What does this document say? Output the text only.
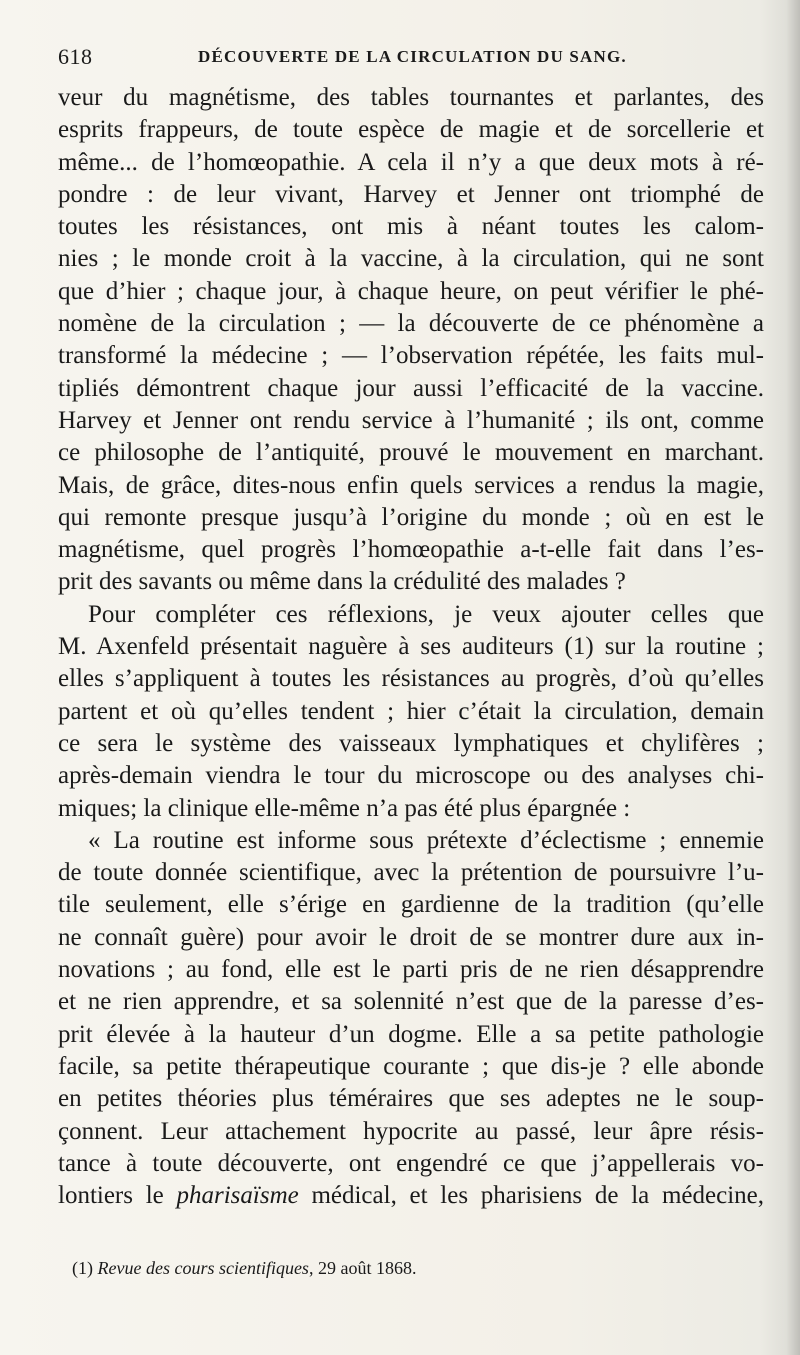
618	DÉCOUVERTE DE LA CIRCULATION DU SANG.
veur du magnétisme, des tables tournantes et parlantes, des
esprits frappeurs, de toute espèce de magie et de sorcellerie et
même... de l’homœopathie. A cela il n’y a que deux mots à ré-
pondre : de leur vivant, Harvey et Jenner ont triomphé de
toutes les résistances, ont mis à néant toutes les calom-
nies ; le monde croit à la vaccine, à la circulation, qui ne sont
que d’hier ; chaque jour, à chaque heure, on peut vérifier le phé-
nomène de la circulation ; — la découverte de ce phénomène a
transformé la médecine ; — l’observation répétée, les faits mul-
tipliés démontrent chaque jour aussi l’efficacité de la vaccine.
Harvey et Jenner ont rendu service à l’humanité ; ils ont, comme
ce philosophe de l’antiquité, prouvé le mouvement en marchant.
Mais, de grâce, dites-nous enfin quels services a rendus la magie,
qui remonte presque jusqu’à l’origine du monde ; où en est le
magnétisme, quel progrès l’homœopathie a-t-elle fait dans l’es-
prit des savants ou même dans la crédulité des malades ?
Pour compléter ces réflexions, je veux ajouter celles que
M. Axenfeld présentait naguère à ses auditeurs (1) sur la routine ;
elles s’appliquent à toutes les résistances au progrès, d’où qu’elles
partent et où qu’elles tendent ; hier c’était la circulation, demain
ce sera le système des vaisseaux lymphatiques et chylifères ;
après-demain viendra le tour du microscope ou des analyses chi-
miques; la clinique elle-même n’a pas été plus épargnée :
« La routine est informe sous prétexte d’éclectisme ; ennemie
de toute donnée scientifique, avec la prétention de poursuivre l’u-
tile seulement, elle s’érige en gardienne de la tradition (qu’elle
ne connaît guère) pour avoir le droit de se montrer dure aux in-
novations ; au fond, elle est le parti pris de ne rien désapprendre
et ne rien apprendre, et sa solennité n’est que de la paresse d’es-
prit élevée à la hauteur d’un dogme. Elle a sa petite pathologie
facile, sa petite thérapeutique courante ; que dis-je ? elle abonde
en petites théories plus téméraires que ses adeptes ne le soup-
çonnent. Leur attachement hypocrite au passé, leur âpre résis-
tance à toute découverte, ont engendré ce que j’appellerais vo-
lontiers le pharisaïsme médical, et les pharisiens de la médecine,
(1) Revue des cours scientifiques, 29 août 1868.
